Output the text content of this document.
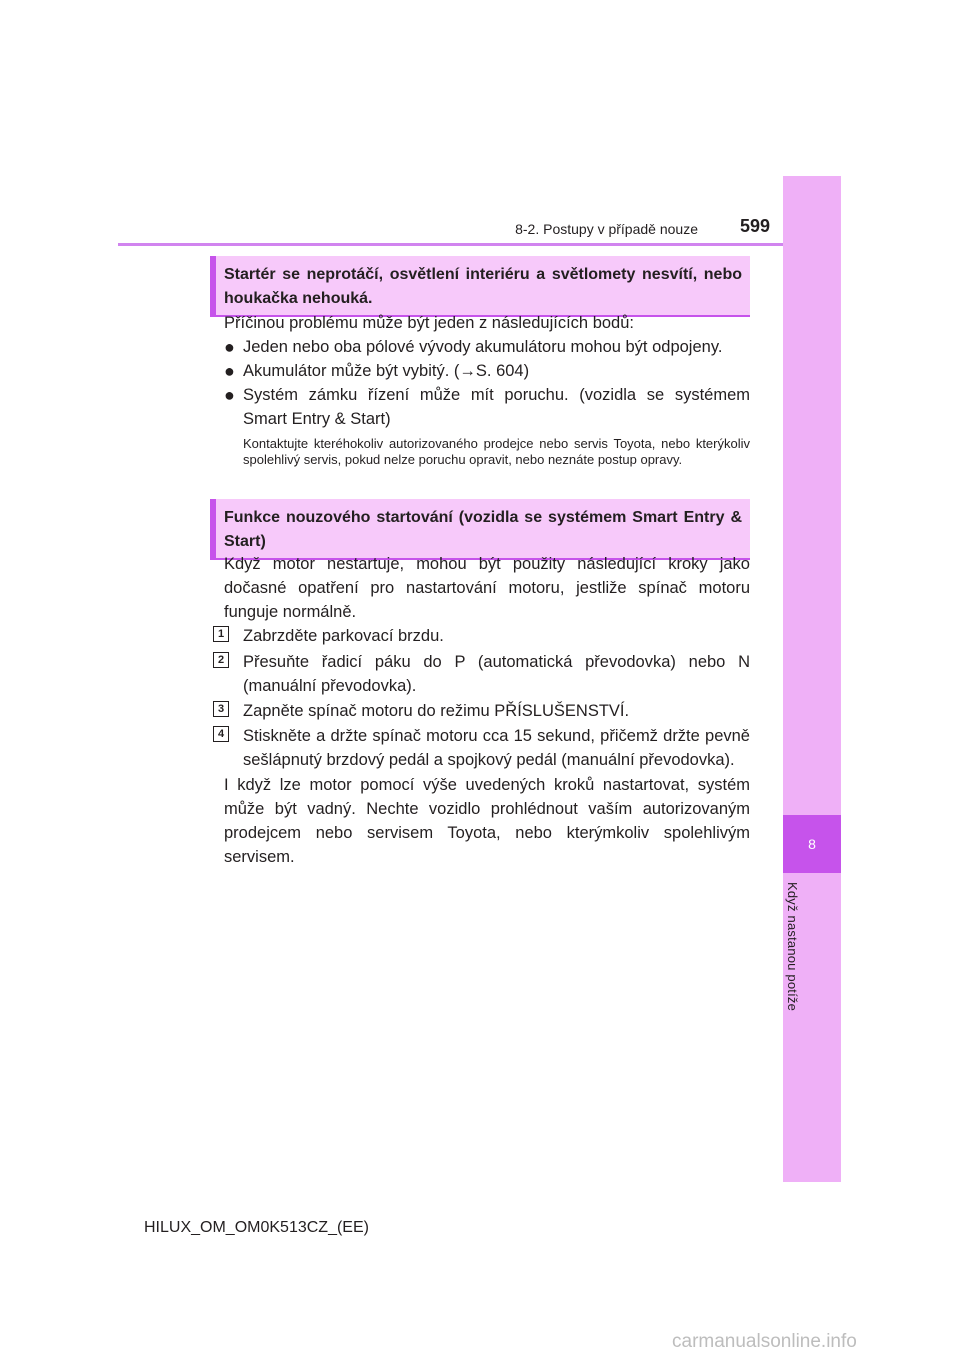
8
Když nastanou potíže
8-2. Postupy v případě nouze 599
Startér se neprotáčí, osvětlení interiéru a světlomety nesvítí, nebo houkačka nehouká.
Příčinou problému může být jeden z následujících bodů:
● Jeden nebo oba pólové vývody akumulátoru mohou být odpojeny.
● Akumulátor může být vybitý. (→S. 604)
● Systém zámku řízení může mít poruchu. (vozidla se systémem Smart Entry & Start)
Kontaktujte kteréhokoliv autorizovaného prodejce nebo servis Toyota, nebo kterýkoliv spolehlivý servis, pokud nelze poruchu opravit, nebo neznáte postup opravy.
Funkce nouzového startování (vozidla se systémem Smart Entry & Start)
Když motor nestartuje, mohou být použity následující kroky jako dočasné opatření pro nastartování motoru, jestliže spínač motoru funguje normálně.
1 Zabrzděte parkovací brzdu.
2 Přesuňte řadicí páku do P (automatická převodovka) nebo N (manuální převodovka).
3 Zapněte spínač motoru do režimu PŘÍSLUŠENSTVÍ.
4 Stiskněte a držte spínač motoru cca 15 sekund, přičemž držte pevně sešlápnutý brzdový pedál a spojkový pedál (manuální převodovka).
I když lze motor pomocí výše uvedených kroků nastartovat, systém může být vadný. Nechte vozidlo prohlédnout vaším autorizovaným prodejcem nebo servisem Toyota, nebo kterýmkoliv spolehlivým servisem.
HILUX_OM_OM0K513CZ_(EE)
carmanualsonline.info
